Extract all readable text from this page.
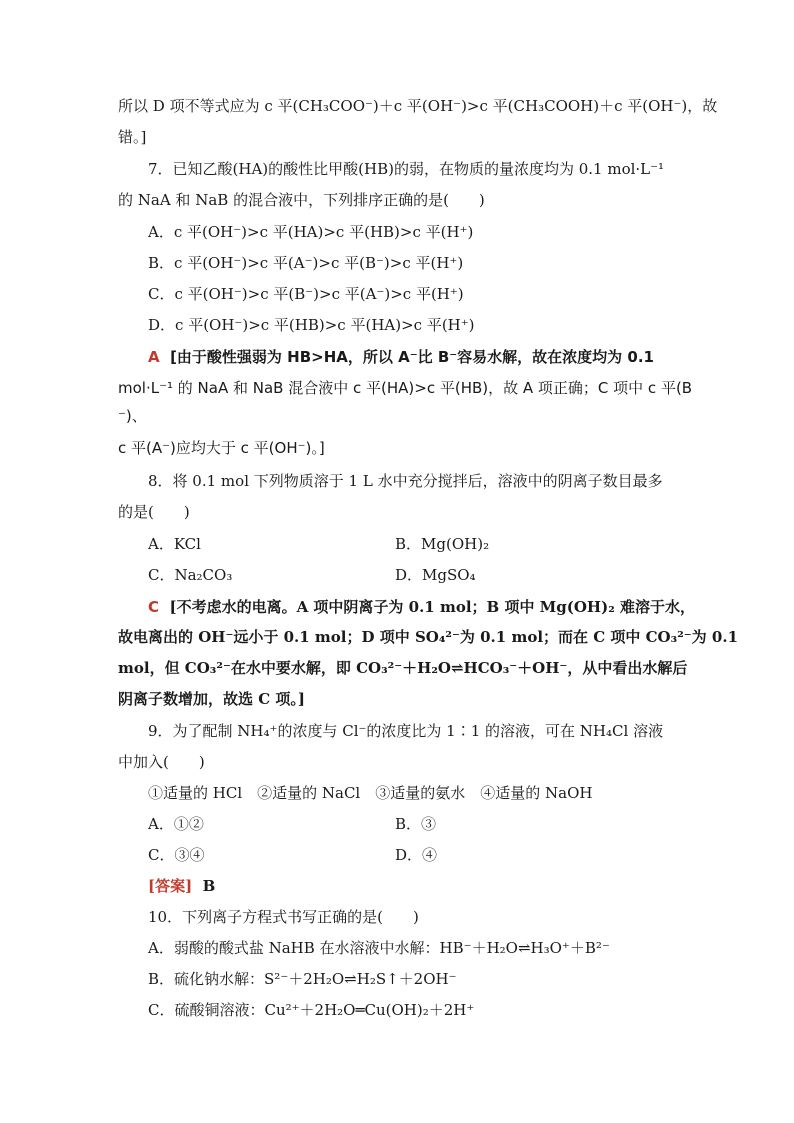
所以 D 项不等式应为 c 平(CH₃COO⁻)＋c 平(OH⁻)>c 平(CH₃COOH)＋c 平(OH⁻)，故
错。]
7．已知乙酸(HA)的酸性比甲酸(HB)的弱，在物质的量浓度均为 0.1 mol·L⁻¹
的 NaA 和 NaB 的混合液中，下列排序正确的是(　　)
A．c 平(OH⁻)>c 平(HA)>c 平(HB)>c 平(H⁺)
B．c 平(OH⁻)>c 平(A⁻)>c 平(B⁻)>c 平(H⁺)
C．c 平(OH⁻)>c 平(B⁻)>c 平(A⁻)>c 平(H⁺)
D．c 平(OH⁻)>c 平(HB)>c 平(HA)>c 平(H⁺)
A [由于酸性强弱为 HB>HA，所以 A⁻比 B⁻容易水解，故在浓度均为 0.1
mol·L⁻¹ 的 NaA 和 NaB 混合液中 c 平(HA)>c 平(HB)，故 A 项正确；C 项中 c 平(B
⁻)、
c 平(A⁻)应均大于 c 平(OH⁻)。]
8．将 0.1 mol 下列物质溶于 1 L 水中充分搅拌后，溶液中的阴离子数目最多
的是(　　)
A．KCl	B．Mg(OH)₂
C．Na₂CO₃	D．MgSO₄
C [不考虑水的电离。A 项中阴离子为 0.1 mol；B 项中 Mg(OH)₂ 难溶于水，
故电离出的 OH⁻远小于 0.1 mol；D 项中 SO₄²⁻为 0.1 mol；而在 C 项中 CO₃²⁻为 0.1
mol，但 CO₃²⁻在水中要水解，即 CO₃²⁻＋H₂O⇌HCO₃⁻＋OH⁻，从中看出水解后
阴离子数增加，故选 C 项。]
9．为了配制 NH₄⁺的浓度与 Cl⁻的浓度比为 1∶1 的溶液，可在 NH₄Cl 溶液
中加入(　　)
①适量的 HCl　②适量的 NaCl　③适量的氨水　④适量的 NaOH
A．①②	B．③
C．③④	D．④
[答案] B
10．下列离子方程式书写正确的是(　　)
A．弱酸的酸式盐 NaHB 在水溶液中水解：HB⁻＋H₂O⇌H₃O⁺＋B²⁻
B．硫化钠水解：S²⁻＋2H₂O⇌H₂S↑＋2OH⁻
C．硫酸铜溶液：Cu²⁺＋2H₂O═Cu(OH)₂＋2H⁺
